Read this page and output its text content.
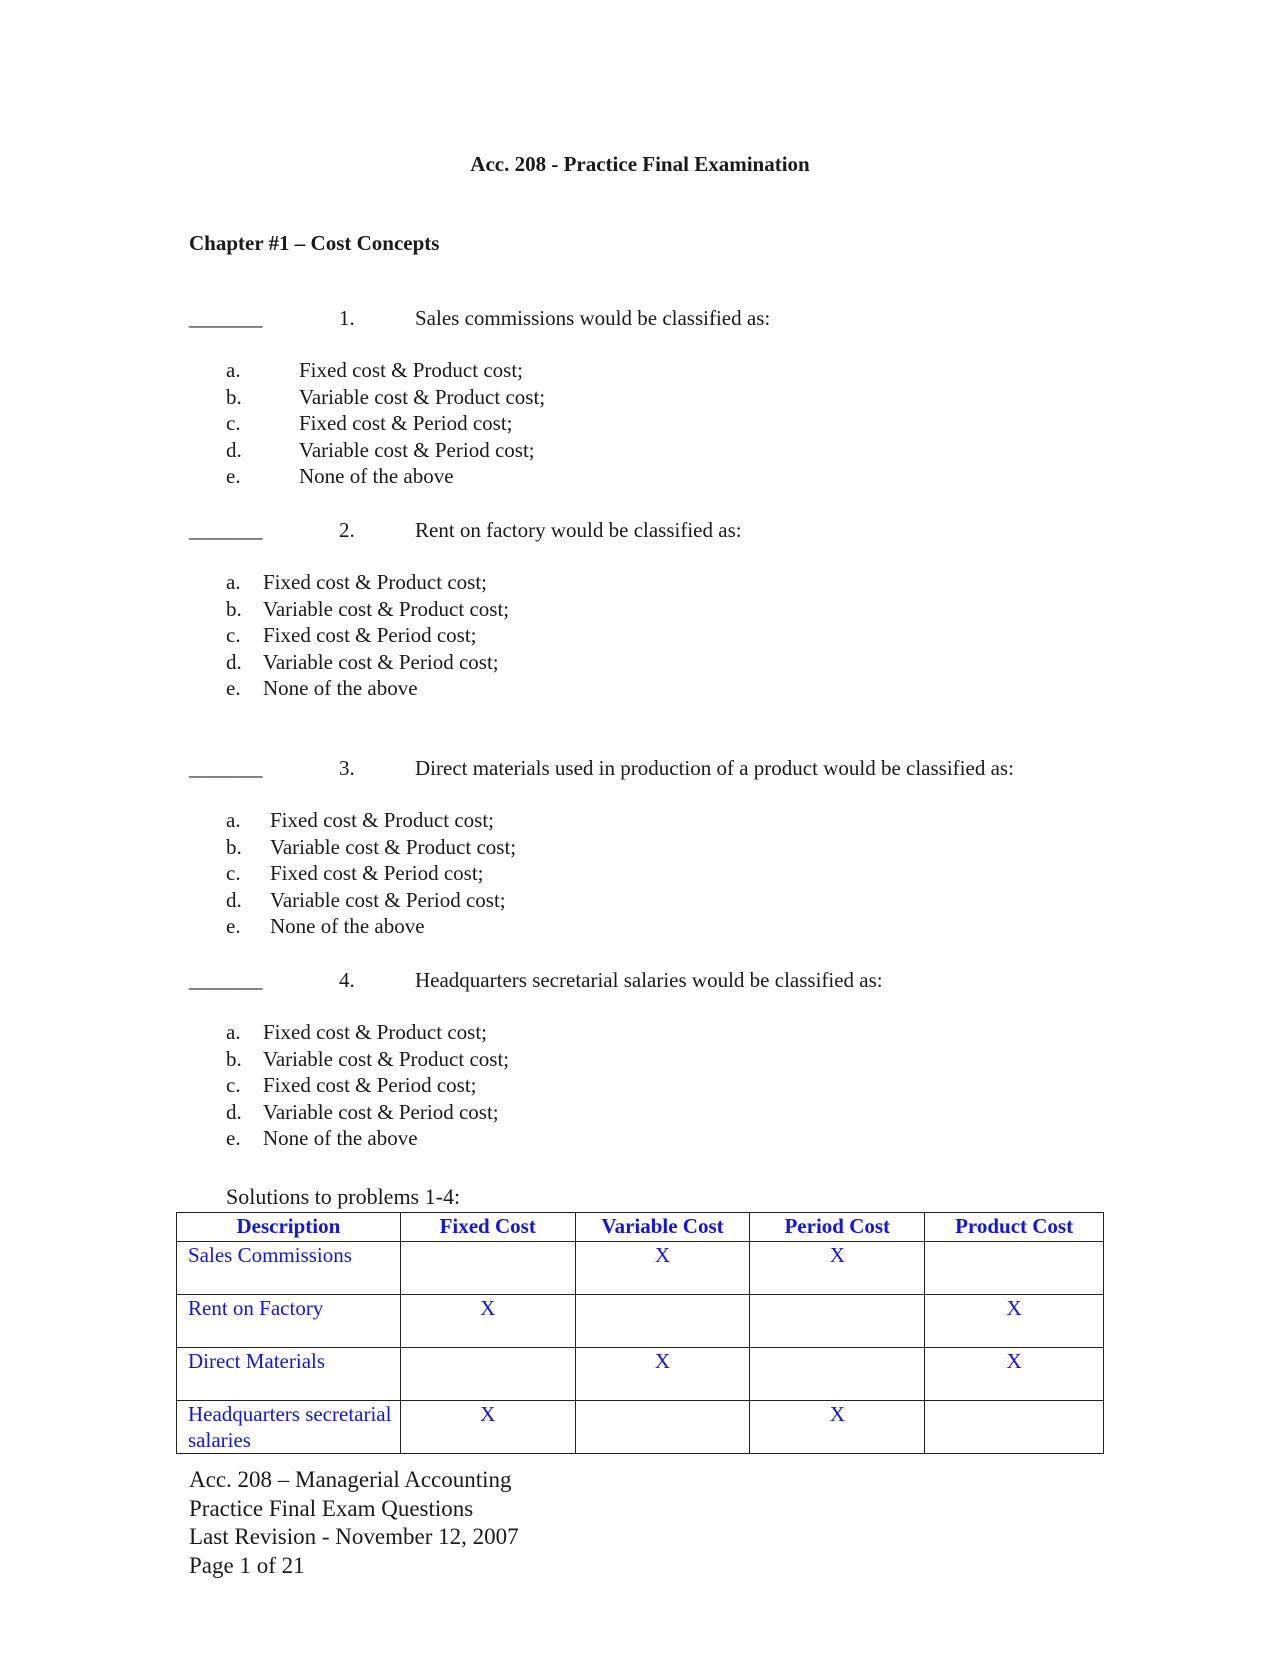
Acc. 208 - Practice Final Examination
Chapter #1 – Cost Concepts
_______	1.	Sales commissions would be classified as:
a.	Fixed cost & Product cost;
b.	Variable cost & Product cost;
c.	Fixed cost & Period cost;
d.	Variable cost & Period cost;
e.	None of the above
_______	2.	Rent on factory would be classified as:
a. Fixed cost & Product cost;
b. Variable cost & Product cost;
c. Fixed cost & Period cost;
d. Variable cost & Period cost;
e. None of the above
_______	3.	Direct materials used in production of a product would be classified as:
a. Fixed cost & Product cost;
b. Variable cost & Product cost;
c. Fixed cost & Period cost;
d. Variable cost & Period cost;
e. None of the above
_______	4.	Headquarters secretarial salaries would be classified as:
a. Fixed cost & Product cost;
b. Variable cost & Product cost;
c. Fixed cost & Period cost;
d. Variable cost & Period cost;
e. None of the above
Solutions to problems 1-4:
Description	Fixed Cost	Variable Cost	Period Cost	Product Cost
Sales Commissions		X	X	
Rent on Factory	X			X
Direct Materials		X		X
Headquarters secretarial salaries	X		X	
Acc. 208 – Managerial Accounting
Practice Final Exam Questions
Last Revision - November 12, 2007
Page 1 of 21
